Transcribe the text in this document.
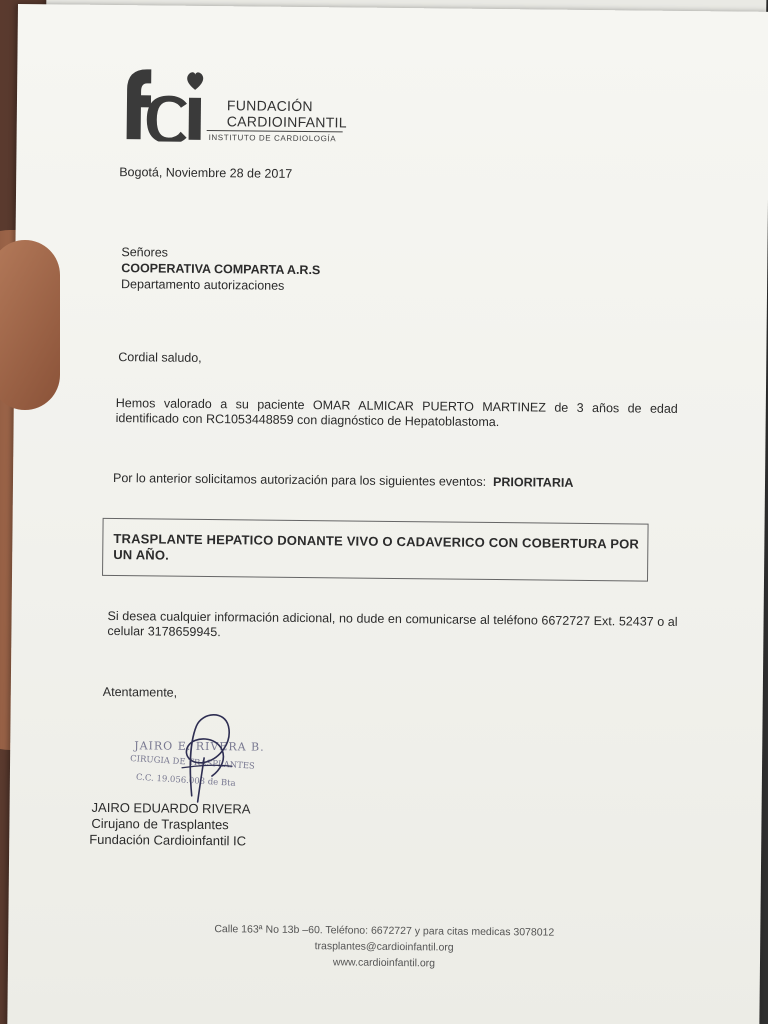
FUNDACIÓN
CARDIOINFANTIL
INSTITUTO DE CARDIOLOGÍA
Bogotá, Noviembre 28 de 2017
Señores
COOPERATIVA COMPARTA A.R.S
Departamento autorizaciones
Cordial saludo,
Hemos valorado a su paciente OMAR ALMICAR PUERTO MARTINEZ de 3 años de edad identificado con RC1053448859 con diagnóstico de Hepatoblastoma.
Por lo anterior solicitamos autorización para los siguientes eventos: PRIORITARIA
TRASPLANTE HEPATICO DONANTE VIVO O CADAVERICO CON COBERTURA POR UN AÑO.
Si desea cualquier información adicional, no dude en comunicarse al teléfono 6672727 Ext. 52437 o al celular 3178659945.
Atentamente,
JAIRO E. RIVERA B.
CIRUGIA DE TRASPLANTES
C.C. 19.056.003 de Bta
JAIRO EDUARDO RIVERA
Cirujano de Trasplantes
Fundación Cardioinfantil IC
Calle 163ª No 13b –60. Teléfono: 6672727 y para citas medicas 3078012
trasplantes@cardioinfantil.org
www.cardioinfantil.org
